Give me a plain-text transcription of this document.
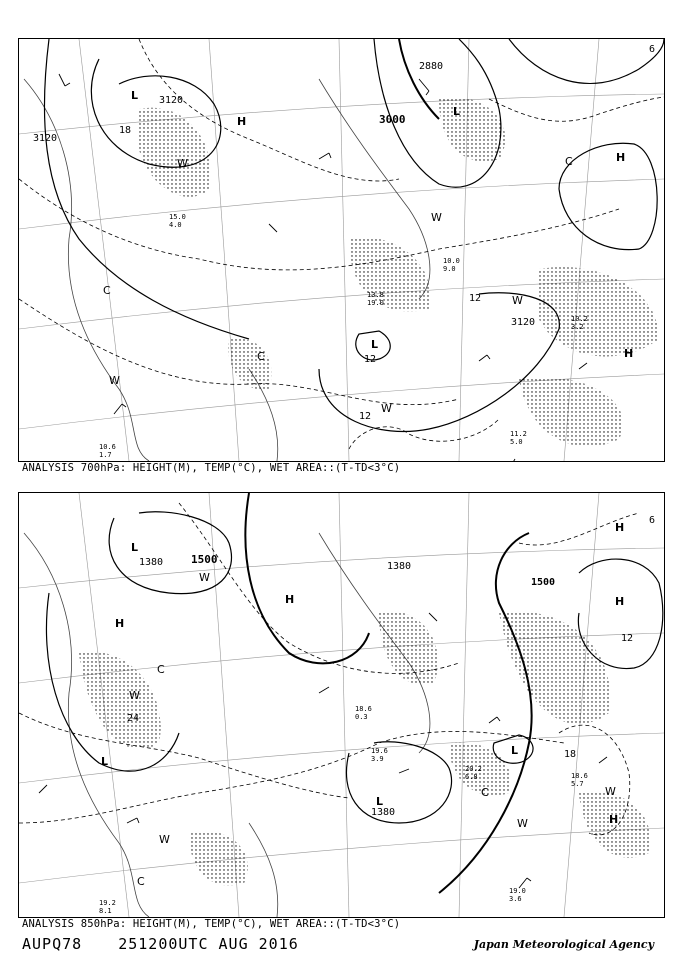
3120
3000
3120
3120
2880
18
12
12
12
6
L
H
L
W
C
H
W
H
C
W
W
L
C
W
11.2
5.0
10.6
1.7
13.8
19.0
10.2
3.2
15.0
4.0
10.0
9.0
ANALYSIS 700hPa: HEIGHT(M), TEMP(°C), WET AREA::(T-TD<3°C)
1380	1500
1380
1380
1500
24
18
12
6
L
H
H	H
W
C
W
L
L
L
C
W
W
C
H
W
H
19.0
3.6
19.2
8.1
19.6
3.9
18.6
5.7
20.2
6.8
18.6
0.3
ANALYSIS 850hPa: HEIGHT(M), TEMP(°C), WET AREA::(T-TD<3°C)
AUPQ78 251200UTC AUG 2016	Japan Meteorological Agency
